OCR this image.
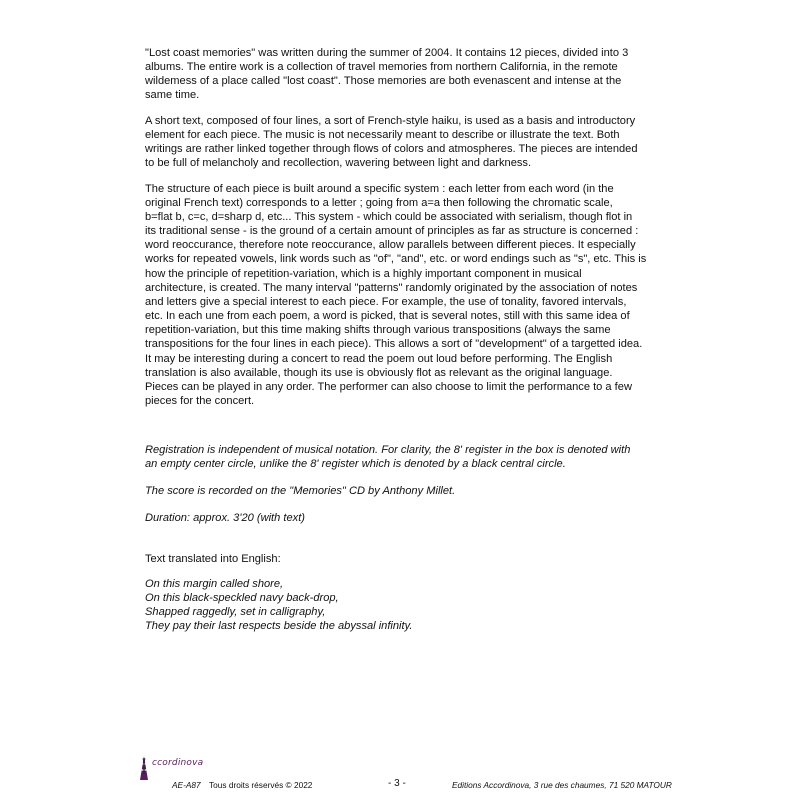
"Lost coast memories" was written during the summer of 2004. It contains 12 pieces, divided into 3
albums. The entire work is a collection of travel memories from northern California, in the remote
wildemess of a place called "lost coast". Those memories are both evenascent and intense at the
same time.

A short text, composed of four lines, a sort of French-style haiku, is used as a basis and introductory
element for each piece. The music is not necessarily meant to describe or illustrate the text. Both
writings are rather linked together through flows of colors and atmospheres. The pieces are intended
to be full of melancholy and recollection, wavering between light and darkness.

The structure of each piece is built around a specific system : each letter from each word (in the
original French text) corresponds to a letter ; going from a=a then following the chromatic scale,
b=flat b, c=c, d=sharp d, etc... This system - which could be associated with serialism, though flot in
its traditional sense - is the ground of a certain amount of principles as far as structure is concerned :
word reoccurance, therefore note reoccurance, allow parallels between different pieces. It especially
works for repeated vowels, link words such as "of", "and", etc. or word endings such as "s", etc. This is
how the principle of repetition-variation, which is a highly important component in musical
architecture, is created. The many interval "patterns" randomly originated by the association of notes
and letters give a special interest to each piece. For example, the use of tonality, favored intervals,
etc. In each une from each poem, a word is picked, that is several notes, still with this same idea of
repetition-variation, but this time making shifts through various transpositions (always the same
transpositions for the four lines in each piece). This allows a sort of "development" of a targetted idea.

It may be interesting during a concert to read the poem out loud before performing. The English
translation is also available, though its use is obviously flot as relevant as the original language.
Pieces can be played in any order. The performer can also choose to limit the performance to a few
pieces for the concert.

Registration is independent of musical notation. For clarity, the 8' register in the box is denoted with
an empty center circle, unlike the 8' register which is denoted by a black central circle.

The score is recorded on the "Memories" CD by Anthony Millet.

Duration: approx. 3'20 (with text)

Text translated into English:

On this margin called shore,
On this black-speckled navy back-drop,
Shapped raggedly, set in calligraphy,
They pay their last respects beside the abyssal infinity.

ccordinova
AE-A87 Tous droits réservés © 2022	- 3 -	Editions Accordinova, 3 rue des chaumes, 71 520 MATOUR
